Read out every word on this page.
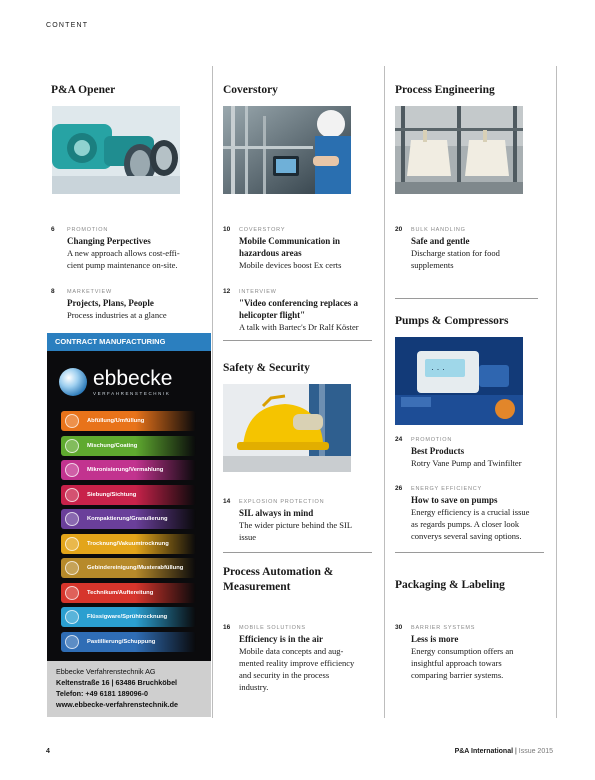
CONTENT
P&A Opener
6 PROMOTION
Changing Perpectives
A new approach allows cost-effi-
cient pump maintenance on-site.
8 MARKETVIEW
Projects, Plans, People
Process industries at a glance
CONTRACT MANUFACTURING
ebbecke
VERFAHRENSTECHNIK
Abfüllung/Umfüllung
Mischung/Coating
Mikronisierung/Vermahlung
Siebung/Sichtung
Kompaktierung/Granulierung
Trocknung/Vakuumtrocknung
Gebindereinigung/Musterabfüllung
Technikum/Auftereitung
Flüssigware/Sprühtrocknung
Pastillierung/Schuppung
Ebbecke Verfahrenstechnik AG
Keltenstraße 16 | 63486 Bruchköbel
Telefon: +49 6181 189096-0
www.ebbecke-verfahrenstechnik.de
Coverstory
10 COVERSTORY
Mobile Communication in
hazardous areas
Mobile devices boost Ex certs
12 INTERVIEW
"Video conferencing replaces a
helicopter flight"
A talk with Bartec's Dr Ralf Köster
Safety & Security
14 EXPLOSION PROTECTION
SIL always in mind
The wider picture behind the SIL
issue
Process Automation &
Measurement
16 MOBILE SOLUTIONS
Efficiency is in the air
Mobile data concepts and aug-
mented reality improve efficiency
and security in the process
industry.
Process Engineering
20 BULK HANDLING
Safe and gentle
Discharge station for food
supplements
Pumps & Compressors
· · ·
24 PROMOTION
Best Products
Rotry Vane Pump and Twinfilter
26 ENERGY EFFICIENCY
How to save on pumps
Energy efficiency is a crucial issue
as regards pumps. A closer look
converys several saving options.
Packaging & Labeling
30 BARRIER SYSTEMS
Less is more
Energy consumption offers an
insightful approach towars
comparing barrier systems.
4	P&A International | Issue 2015
